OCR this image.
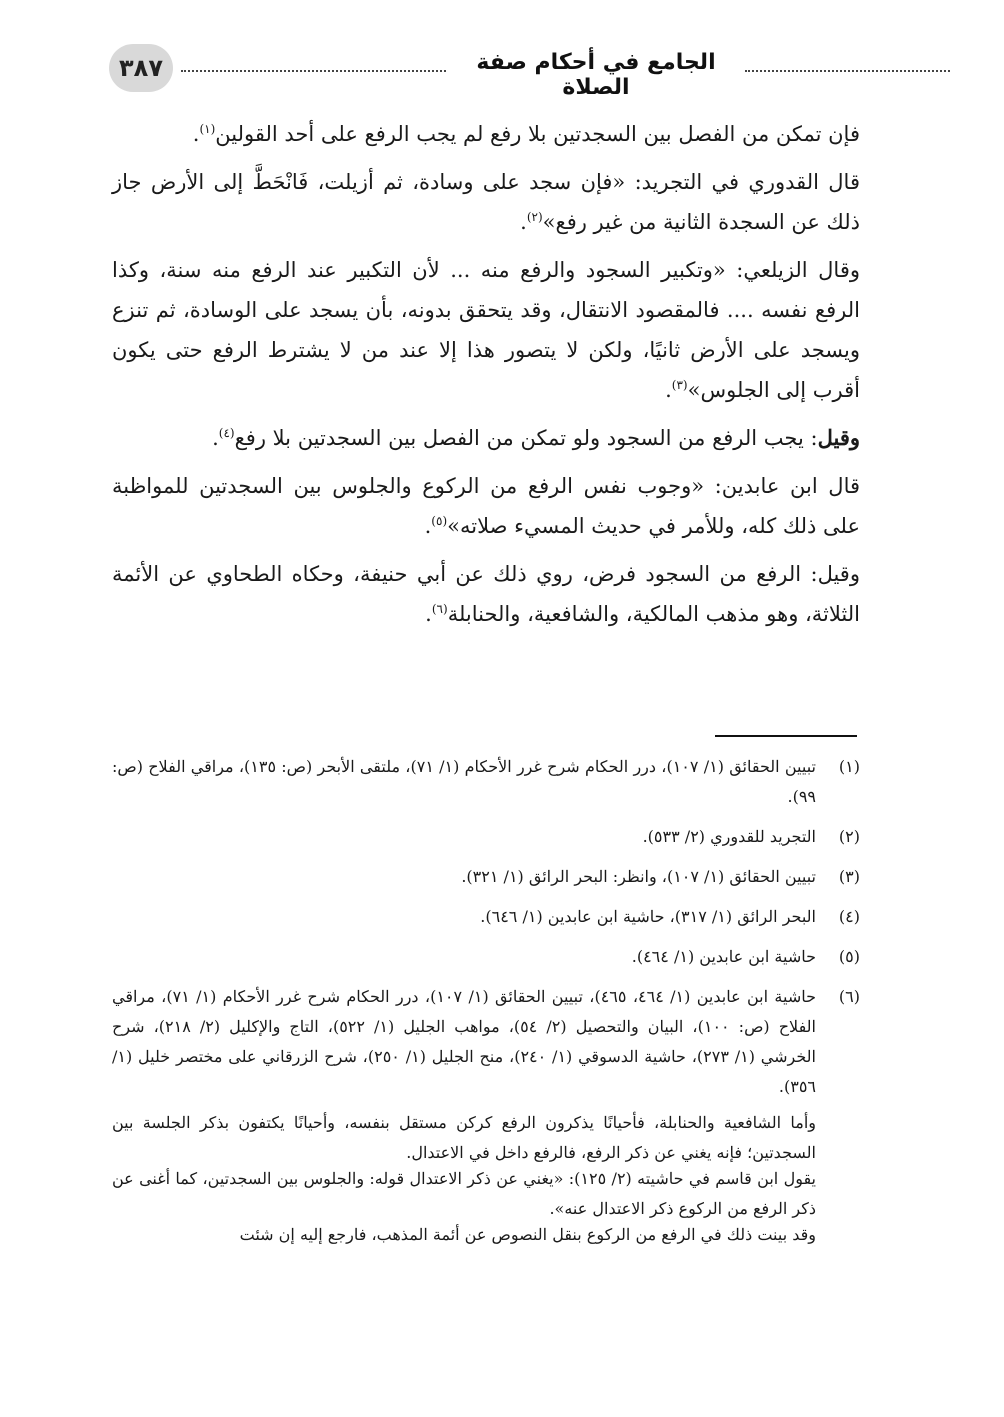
٣٨٧	الجامع في أحكام صفة الصلاة

فإن تمكن من الفصل بين السجدتين بلا رفع لم يجب الرفع على أحد القولين$^{(١)}$.

قال القدوري في التجريد: «فإن سجد على وسادة، ثم أزيلت، فَانْحَطَّ إلى الأرض جاز ذلك عن السجدة الثانية من غير رفع»$^{(٢)}$.

وقال الزيلعي: «وتكبير السجود والرفع منه ... لأن التكبير عند الرفع منه سنة، وكذا الرفع نفسه .... فالمقصود الانتقال، وقد يتحقق بدونه، بأن يسجد على الوسادة، ثم تنزع ويسجد على الأرض ثانيًا، ولكن لا يتصور هذا إلا عند من لا يشترط الرفع حتى يكون أقرب إلى الجلوس»$^{(٣)}$.

وقيل: يجب الرفع من السجود ولو تمكن من الفصل بين السجدتين بلا رفع$^{(٤)}$.

قال ابن عابدين: «وجوب نفس الرفع من الركوع والجلوس بين السجدتين للمواظبة على ذلك كله، وللأمر في حديث المسيء صلاته»$^{(٥)}$.

وقيل: الرفع من السجود فرض، روي ذلك عن أبي حنيفة، وحكاه الطحاوي عن الأئمة الثلاثة، وهو مذهب المالكية، والشافعية، والحنابلة$^{(٦)}$.

(١)
تبيين الحقائق (١/ ١٠٧)، درر الحكام شرح غرر الأحكام (١/ ٧١)، ملتقى الأبحر (ص: ١٣٥)، مراقي الفلاح (ص: ٩٩).
(٢)
التجريد للقدوري (٢/ ٥٣٣).
(٣)
تبيين الحقائق (١/ ١٠٧)، وانظر: البحر الرائق (١/ ٣٢١).
(٤)
البحر الرائق (١/ ٣١٧)، حاشية ابن عابدين (١/ ٦٤٦).
(٥)
حاشية ابن عابدين (١/ ٤٦٤).
(٦)
حاشية ابن عابدين (١/ ٤٦٤، ٤٦٥)، تبيين الحقائق (١/ ١٠٧)، درر الحكام شرح غرر الأحكام (١/ ٧١)، مراقي الفلاح (ص: ١٠٠)، البيان والتحصيل (٢/ ٥٤)، مواهب الجليل (١/ ٥٢٢)، التاج والإكليل (٢/ ٢١٨)، شرح الخرشي (١/ ٢٧٣)، حاشية الدسوقي (١/ ٢٤٠)، منح الجليل (١/ ٢٥٠)، شرح الزرقاني على مختصر خليل (١/ ٣٥٦).
وأما الشافعية والحنابلة، فأحيانًا يذكرون الرفع كركن مستقل بنفسه، وأحيانًا يكتفون بذكر الجلسة بين السجدتين؛ فإنه يغني عن ذكر الرفع، فالرفع داخل في الاعتدال.
يقول ابن قاسم في حاشيته (٢/ ١٢٥): «يغني عن ذكر الاعتدال قوله: والجلوس بين السجدتين، كما أغنى عن ذكر الرفع من الركوع ذكر الاعتدال عنه».
وقد بينت ذلك في الرفع من الركوع بنقل النصوص عن أئمة المذهب، فارجع إليه إن شئت
